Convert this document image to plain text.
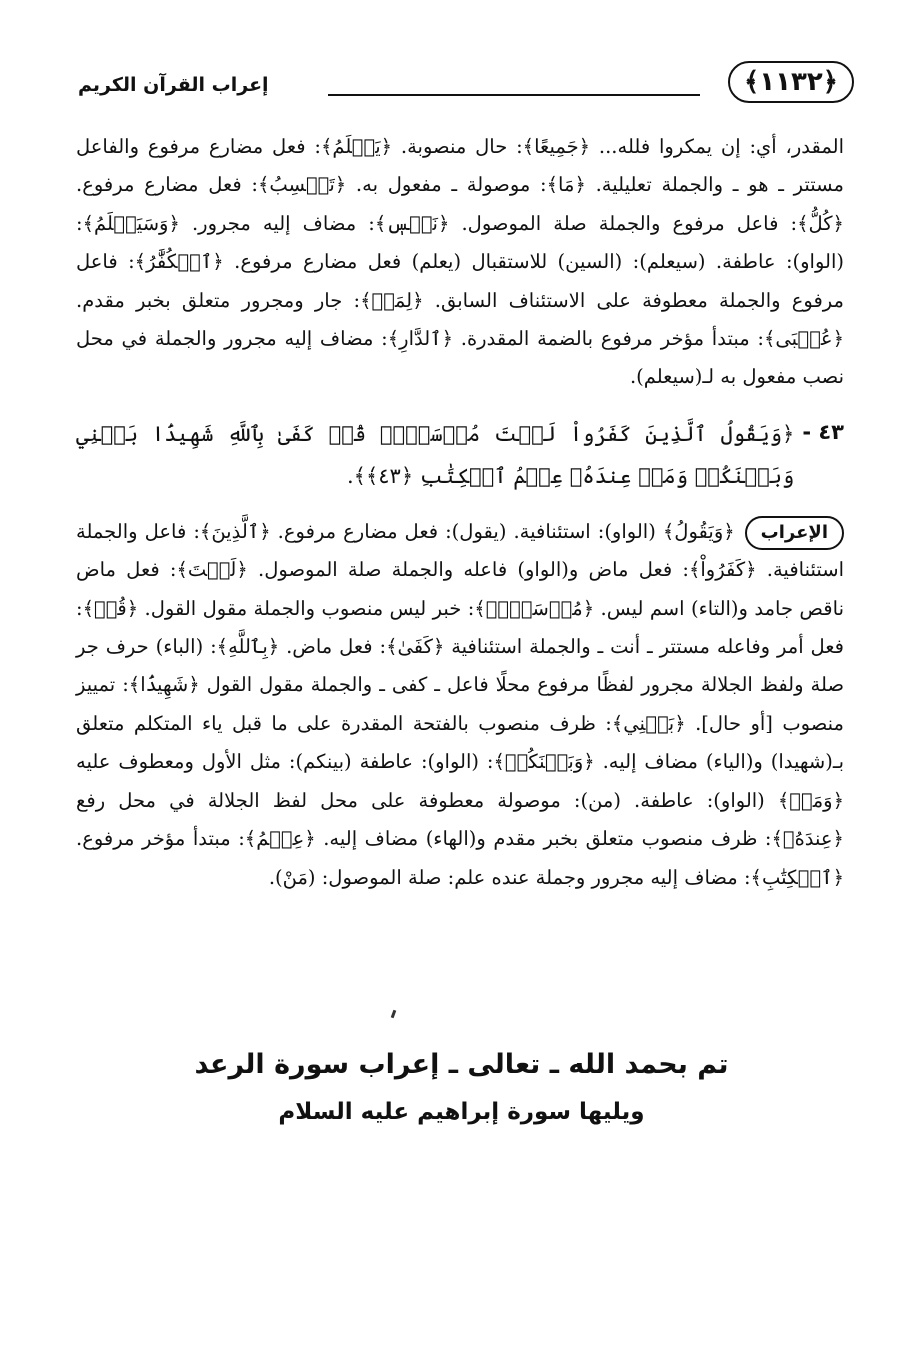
﴿١١٣٢﴾
إعراب القرآن الكريم

المقدر، أي: إن يمكروا فلله... ﴿جَمِيعًا﴾: حال منصوبة. ﴿يَعۡلَمُ﴾: فعل مضارع مرفوع والفاعل مستتر ـ هو ـ والجملة تعليلية. ﴿مَا﴾: موصولة ـ مفعول به. ﴿تَكۡسِبُ﴾: فعل مضارع مرفوع. ﴿كُلُّ﴾: فاعل مرفوع والجملة صلة الموصول. ﴿نَفۡسٖ﴾: مضاف إليه مجرور. ﴿وَسَيَعۡلَمُ﴾: (الواو): عاطفة. (سيعلم): (السين) للاستقبال (يعلم) فعل مضارع مرفوع. ﴿ٱلۡكُفَّٰرُ﴾: فاعل مرفوع والجملة معطوفة على الاستئناف السابق. ﴿لِمَنۡ﴾: جار ومجرور متعلق بخبر مقدم. ﴿عُقۡبَى﴾: مبتدأ مؤخر مرفوع بالضمة المقدرة. ﴿ٱلدَّارِ﴾: مضاف إليه مجرور والجملة في محل نصب مفعول به لـ(سيعلم).

٤٣ -
﴿وَيَقُولُ ٱلَّذِينَ كَفَرُواْ لَسۡتَ مُرۡسَلٗاۚ قُلۡ كَفَىٰ بِٱللَّهِ شَهِيدَۢا بَيۡنِي وَبَيۡنَكُمۡ وَمَنۡ عِندَهُۥ عِلۡمُ ٱلۡكِتَٰبِ ﴿٤٣﴾﴾.

الإعراب﴿وَيَقُولُ﴾ (الواو): استئنافية. (يقول): فعل مضارع مرفوع. ﴿ٱلَّذِينَ﴾: فاعل والجملة استئنافية. ﴿كَفَرُواْ﴾: فعل ماض و(الواو) فاعله والجملة صلة الموصول. ﴿لَسۡتَ﴾: فعل ماض ناقص جامد و(التاء) اسم ليس. ﴿مُرۡسَلٗاۚ﴾: خبر ليس منصوب والجملة مقول القول. ﴿قُلۡ﴾: فعل أمر وفاعله مستتر ـ أنت ـ والجملة استئنافية ﴿كَفَىٰ﴾: فعل ماض. ﴿بِٱللَّهِ﴾: (الباء) حرف جر صلة ولفظ الجلالة مجرور لفظًا مرفوع محلًا فاعل ـ كفى ـ والجملة مقول القول ﴿شَهِيدَۢا﴾: تمييز منصوب [أو حال]. ﴿بَيۡنِي﴾: ظرف منصوب بالفتحة المقدرة على ما قبل ياء المتكلم متعلق بـ(شهيدا) و(الياء) مضاف إليه. ﴿وَبَيۡنَكُمۡ﴾: (الواو): عاطفة (بينكم): مثل الأول ومعطوف عليه ﴿وَمَنۡ﴾ (الواو): عاطفة. (من): موصولة معطوفة على محل لفظ الجلالة في محل رفع ﴿عِندَهُۥ﴾: ظرف منصوب متعلق بخبر مقدم و(الهاء) مضاف إليه. ﴿عِلۡمُ﴾: مبتدأ مؤخر مرفوع. ﴿ٱلۡكِتَٰبِ﴾: مضاف إليه مجرور وجملة عنده علم: صلة الموصول: (مَنْ).

تم بحمد الله ـ تعالى ـ إعراب سورة الرعد

ويليها سورة إبراهيم عليه السلام
